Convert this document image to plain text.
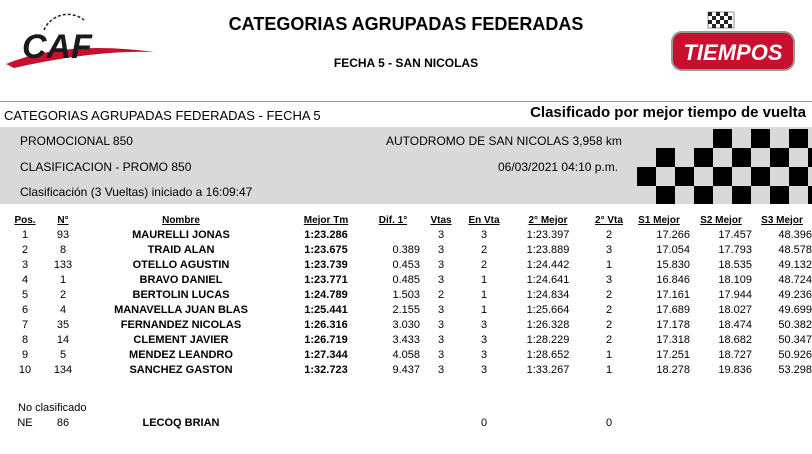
CAF
CATEGORIAS AGRUPADAS FEDERADAS
FECHA 5 - SAN NICOLAS	TIEMPOS
CATEGORIAS AGRUPADAS FEDERADAS - FECHA 5	Clasificado por mejor tiempo de vuelta
PROMOCIONAL 850	AUTODROMO DE SAN NICOLAS 3,958 km
CLASIFICACION - PROMO 850	06/03/2021 04:10 p.m.
Clasificación (3 Vueltas) iniciado a 16:09:47
Pos.	N°	Nombre	Mejor Tm	Dif. 1°	Vtas	En Vta	2° Mejor	2° Vta	S1 Mejor	S2 Mejor	S3 Mejor
1	93	MAURELLI JONAS	1:23.286		3	3	1:23.397	2	17.266	17.457	48.396
2	8	TRAID ALAN	1:23.675	0.389	3	2	1:23.889	3	17.054	17.793	48.578
3	133	OTELLO AGUSTIN	1:23.739	0.453	3	2	1:24.442	1	15.830	18.535	49.132
4	1	BRAVO DANIEL	1:23.771	0.485	3	1	1:24.641	3	16.846	18.109	48.724
5	2	BERTOLIN LUCAS	1:24.789	1.503	2	1	1:24.834	2	17.161	17.944	49.236
6	4	MANAVELLA JUAN BLAS	1:25.441	2.155	3	1	1:25.664	2	17.689	18.027	49.699
7	35	FERNANDEZ NICOLAS	1:26.316	3.030	3	3	1:26.328	2	17.178	18.474	50.382
8	14	CLEMENT JAVIER	1:26.719	3.433	3	3	1:28.229	2	17.318	18.682	50.347
9	5	MENDEZ LEANDRO	1:27.344	4.058	3	3	1:28.652	1	17.251	18.727	50.926
10	134	SANCHEZ GASTON	1:32.723	9.437	3	3	1:33.267	1	18.278	19.836	53.298
No clasificado
NE	86	LECOQ BRIAN				0		0			
